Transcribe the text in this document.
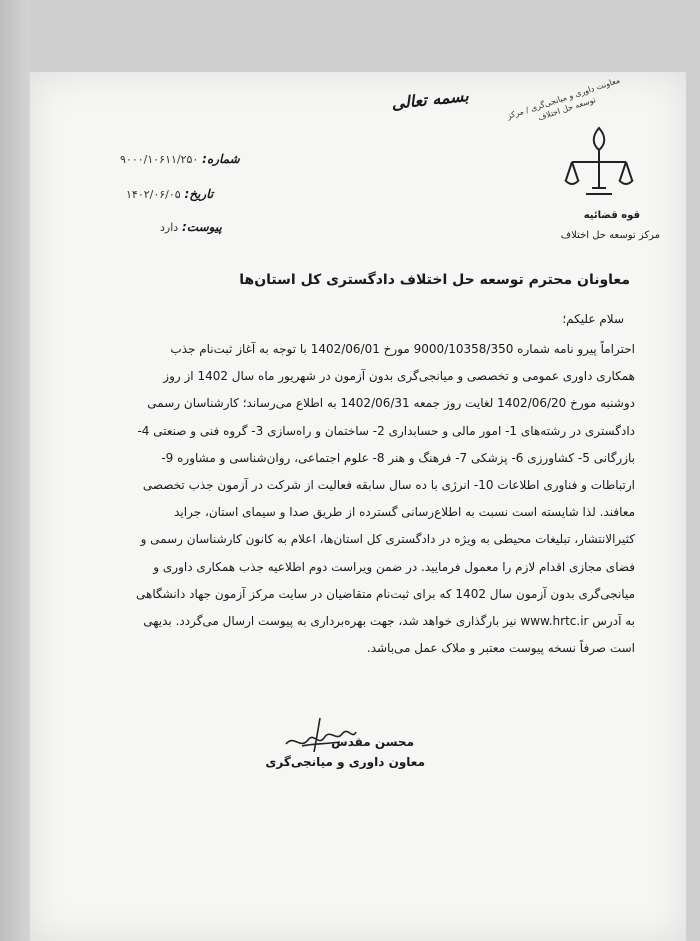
معاونت داوری و میانجی‌گری / مرکز توسعه حل اختلاف
قوه قضائیه
مرکز توسعه حل اختلاف
بسمه تعالی
شماره: ۹۰۰۰/۱۰۶۱۱/۲۵۰
تاریخ: ۱۴۰۲/۰۶/۰۵
پیوست: دارد
معاونان محترم توسعه حل اختلاف دادگستری کل استان‌ها
سلام علیکم؛

احتراماً پیرو نامه شماره 9000/10358/350 مورخ 1402/06/01 با توجه به آغاز ثبت‌نام جذب

همکاری داوری عمومی و تخصصی و میانجی‌گری بدون آزمون در شهریور ماه سال 1402 از روز

دوشنبه مورخ 1402/06/20 لغایت روز جمعه 1402/06/31 به اطلاع می‌رساند؛ کارشناسان رسمی

دادگستری در رشته‌های 1- امور مالی و حسابداری 2- ساختمان و راه‌سازی 3- گروه فنی و صنعتی 4-

بازرگانی 5- کشاورزی 6- پزشکی 7- فرهنگ و هنر 8- علوم اجتماعی، روان‌شناسی و مشاوره 9-

ارتباطات و فناوری اطلاعات 10- انرژی با ده سال سابقه فعالیت از شرکت در آزمون جذب تخصصی

معافند. لذا شایسته است نسبت به اطلاع‌رسانی گسترده از طریق صدا و سیمای استان، جراید

کثیرالانتشار، تبلیغات محیطی به ویژه در دادگستری کل استان‌ها، اعلام به کانون کارشناسان رسمی و

فضای مجازی اقدام لازم را معمول فرمایید. در ضمن ویراست دوم اطلاعیه جذب همکاری داوری و

میانجی‌گری بدون آزمون سال 1402 که برای ثبت‌نام متقاضیان در سایت مرکز آزمون جهاد دانشگاهی

به آدرس www.hrtc.ir نیز بارگذاری خواهد شد، جهت بهره‌برداری به پیوست ارسال می‌گردد. بدیهی

است صرفاً نسخه پیوست معتبر و ملاک عمل می‌باشد.

محسن مقدس
معاون داوری و میانجی‌گری
